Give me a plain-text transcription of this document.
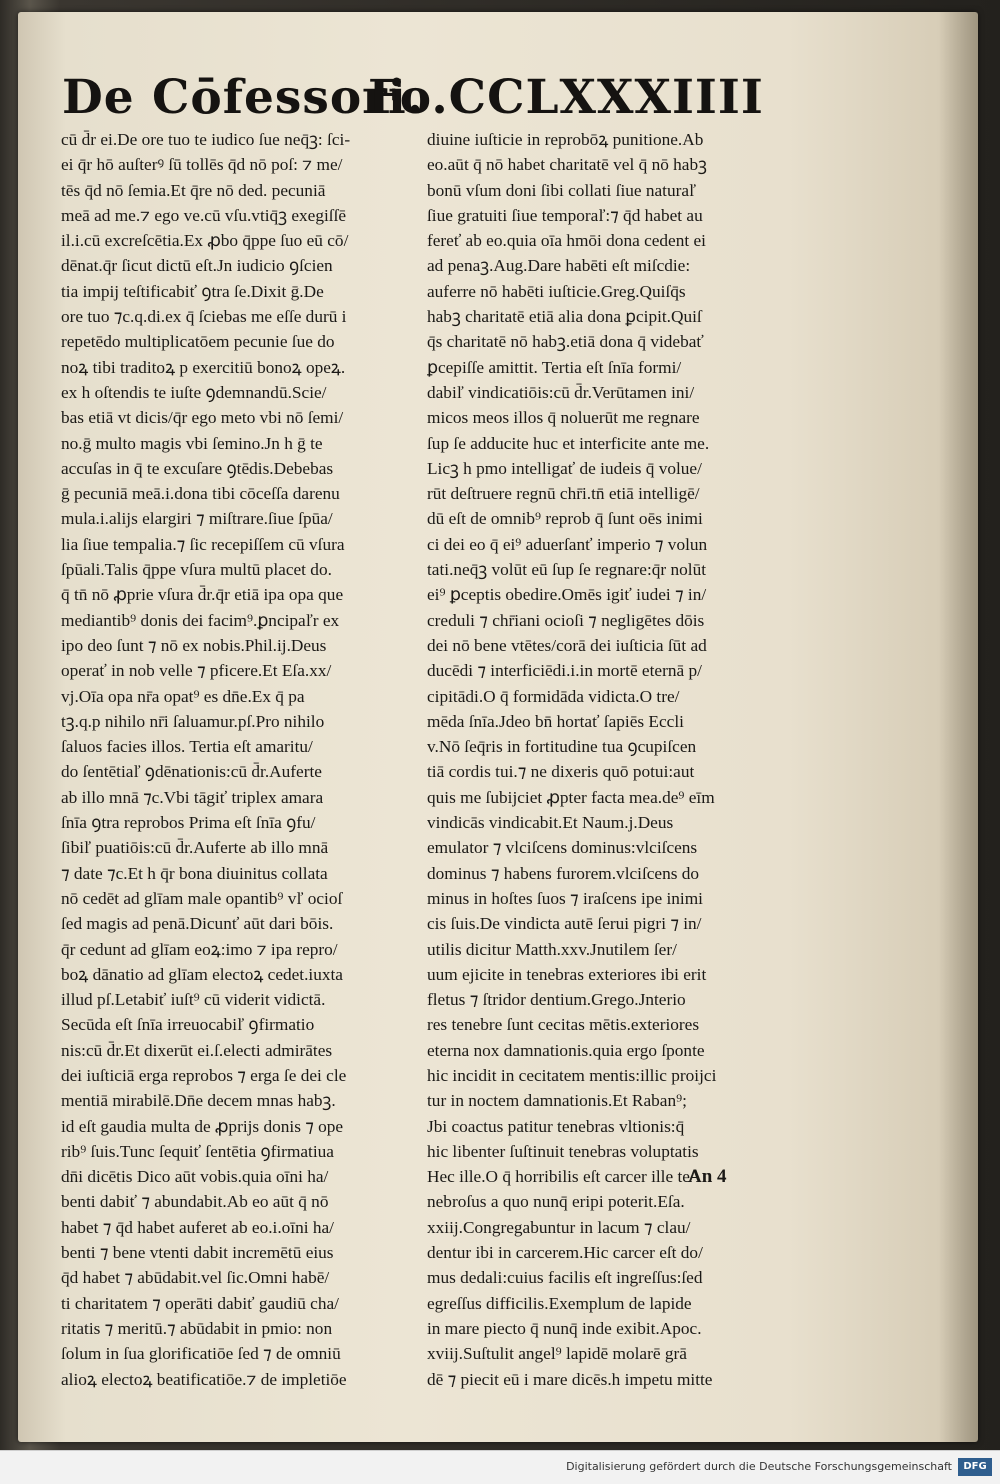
De Cōfessori.
Fo.CCLXXXIIII
cū d̄r ei.De ore tuo te iudico ſue neq̄ꝫ: ſci-
ei q̄r hō auſterꝰ ſū tollēs q̄d nō poſ: ⁊ me/
tēs q̄d nō ſemia.Et q̄re nō ded. pecuniā
meā ad me.⁊ ego ve.cū vſu.vtiq̄ꝫ exegiſſē
il.i.cū excreſcētia.Ex ꝓbo q̄ppe ſuo eū cō/
dēnat.q̄r ſicut dictū eſt.Jn iudicio ꝯſcien
tia impij teſtificabiť ꝯtra ſe.Dixit ḡ.De
ore tuo ⁊c.q.di.ex q̄ ſciebas me eſſe durū i
repetēdo multiplicatōem pecunie ſue do
noꝝ tibi traditoꝝ p exercitiū bonoꝝ opeꝝ.
ex h oſtendis te iuſte ꝯdemnandū.Scie/
bas etiā vt dicis/q̄r ego meto vbi nō ſemi/
no.ḡ multo magis vbi ſemino.Jn h ḡ te
accuſas in q̄ te excuſare ꝯtēdis.Debebas
ḡ pecuniā meā.i.dona tibi cōceſſa darenu
mula.i.alijs elargiri ⁊ miſtrare.ſiue ſpūa/
lia ſiue tempalia.⁊ ſic recepiſſem cū vſura
ſpūali.Talis q̄ppe vſura multū placet do.
q̄ tn̄ nō ꝓprie vſura d̄r.q̄r etiā ipa opa que
mediantib⁹ donis dei facim⁹.ꝑncipaľr ex
ipo deo ſunt ⁊ nō ex nobis.Phil.ij.Deus
operať in nob velle ⁊ pficere.Et Eſa.xx/
vj.Oīa opa nr̄a opat⁹ es dn̄e.Ex q̄ pa
tꝫ.q.p nihilo nr̄i ſaluamur.pſ.Pro nihilo
ſaluos facies illos. Tertia eſt amaritu/
do ſentētiaľ ꝯdēnationis:cū d̄r.Auferte
ab illo mnā ⁊c.Vbi tāgiť triplex amara
ſnīa ꝯtra reprobos Prima eſt ſnīa ꝯfu/
ſibiľ puatiōis:cū d̄r.Auferte ab illo mnā
⁊ date ⁊c.Et h q̄r bona diuinitus collata
nō cedēt ad glīam male opantib⁹ vľ ocioſ
ſed magis ad penā.Dicunť aūt dari bōis.
q̄r cedunt ad glīam eoꝝ:imo ⁊ ipa repro/
boꝝ dānatio ad glīam electoꝝ cedet.iuxta
illud pſ.Letabiť iuſt⁹ cū viderit vidictā.
Secūda eſt ſnīa irreuocabiľ ꝯfirmatio
nis:cū d̄r.Et dixerūt ei.ſ.electi admirātes
dei iuſticiā erga reprobos ⁊ erga ſe dei cle
mentiā mirabilē.Dn̄e decem mnas habꝫ.
id eſt gaudia multa de ꝓprijs donis ⁊ ope
rib⁹ ſuis.Tunc ſequiť ſentētia ꝯfirmatiua
dn̄i dicētis Dico aūt vobis.quia oīni ha/
benti dabiť ⁊ abundabit.Ab eo aūt q̄ nō
habet ⁊ q̄d habet auferet ab eo.i.oīni ha/
benti ⁊ bene vtenti dabit incremētū eius
q̄d habet ⁊ abūdabit.vel ſic.Omni habē/
ti charitatem ⁊ operāti dabiť gaudiū cha/
ritatis ⁊ meritū.⁊ abūdabit in pmio: non
ſolum in ſua glorificatiōe ſed ⁊ de omniū
alioꝝ electoꝝ beatificatiōe.⁊ de impletiōe
diuine iuſticie in reprobōꝝ punitione.Ab
eo.aūt q̄ nō habet charitatē vel q̄ nō habꝫ
bonū vſum doni ſibi collati ſiue naturaľ
ſiue gratuiti ſiue temporaľ:⁊ q̄d habet au
fereť ab eo.quia oīa hmōi dona cedent ei
ad penaꝫ.Aug.Dare habēti eſt miſcdie:
auferre nō habēti iuſticie.Greg.Quiſq̄s
habꝫ charitatē etiā alia dona ꝑcipit.Quiſ
q̄s charitatē nō habꝫ.etiā dona q̄ videbať
ꝑcepiſſe amittit. Tertia eſt ſnīa formi/
dabiľ vindicatiōis:cū d̄r.Verūtamen ini/
micos meos illos q̄ noluerūt me regnare
ſup ſe adducite huc et interficite ante me.
Licꝫ h pmo intelligať de iudeis q̄ volue/
rūt deſtruere regnū chr̄i.tn̄ etiā intelligē/
dū eſt de omnib⁹ reprob q̄ ſunt oēs inimi
ci dei eo q̄ ei⁹ aduerſanť imperio ⁊ volun
tati.neq̄ꝫ volūt eū ſup ſe regnare:q̄r nolūt
ei⁹ ꝑceptis obedire.Omēs igiť iudei ⁊ in/
creduli ⁊ chr̄iani ocioſi ⁊ negligētes dōis
dei nō bene vtētes/corā dei iuſticia ſūt ad
ducēdi ⁊ interficiēdi.i.in mortē eternā p/
cipitādi.O q̄ formidāda vidicta.O tre/
mēda ſnīa.Jdeo bn̄ hortať ſapiēs Eccli
v.Nō ſeq̄ris in fortitudine tua ꝯcupiſcen
tiā cordis tui.⁊ ne dixeris quō potui:aut
quis me ſubijciet ꝓpter facta mea.de⁹ eīm
vindicās vindicabit.Et Naum.j.Deus
emulator ⁊ vlciſcens dominus:vlciſcens
dominus ⁊ habens furorem.vlciſcens do
minus in hoſtes ſuos ⁊ iraſcens ipe inimi
cis ſuis.De vindicta autē ſerui pigri ⁊ in/
utilis dicitur Matth.xxv.Jnutilem ſer/
uum ejicite in tenebras exteriores ibi erit
fletus ⁊ ſtridor dentium.Grego.Jnterio
res tenebre ſunt cecitas mētis.exteriores
eterna nox damnationis.quia ergo ſponte
hic incidit in cecitatem mentis:illic proijci
tur in noctem damnationis.Et Raban⁹;
Jbi coactus patitur tenebras vltionis:q̄
hic libenter ſuſtinuit tenebras voluptatis
Hec ille.O q̄ horribilis eſt carcer ille te/
nebroſus a quo nunq̄ eripi poterit.Eſa.
xxiij.Congregabuntur in lacum ⁊ clau/
dentur ibi in carcerem.Hic carcer eſt do/
mus dedali:cuius facilis eſt ingreſſus:ſed
egreſſus difficilis.Exemplum de lapide
in mare piecto q̄ nunq̄ inde exibit.Apoc.
xviij.Suſtulit angel⁹ lapidē molarē grā
dē ⁊ piecit eū i mare dicēs.h impetu mitte
An 4
Digitalisierung gefördert durch die Deutsche Forschungsgemeinschaft	DFG
